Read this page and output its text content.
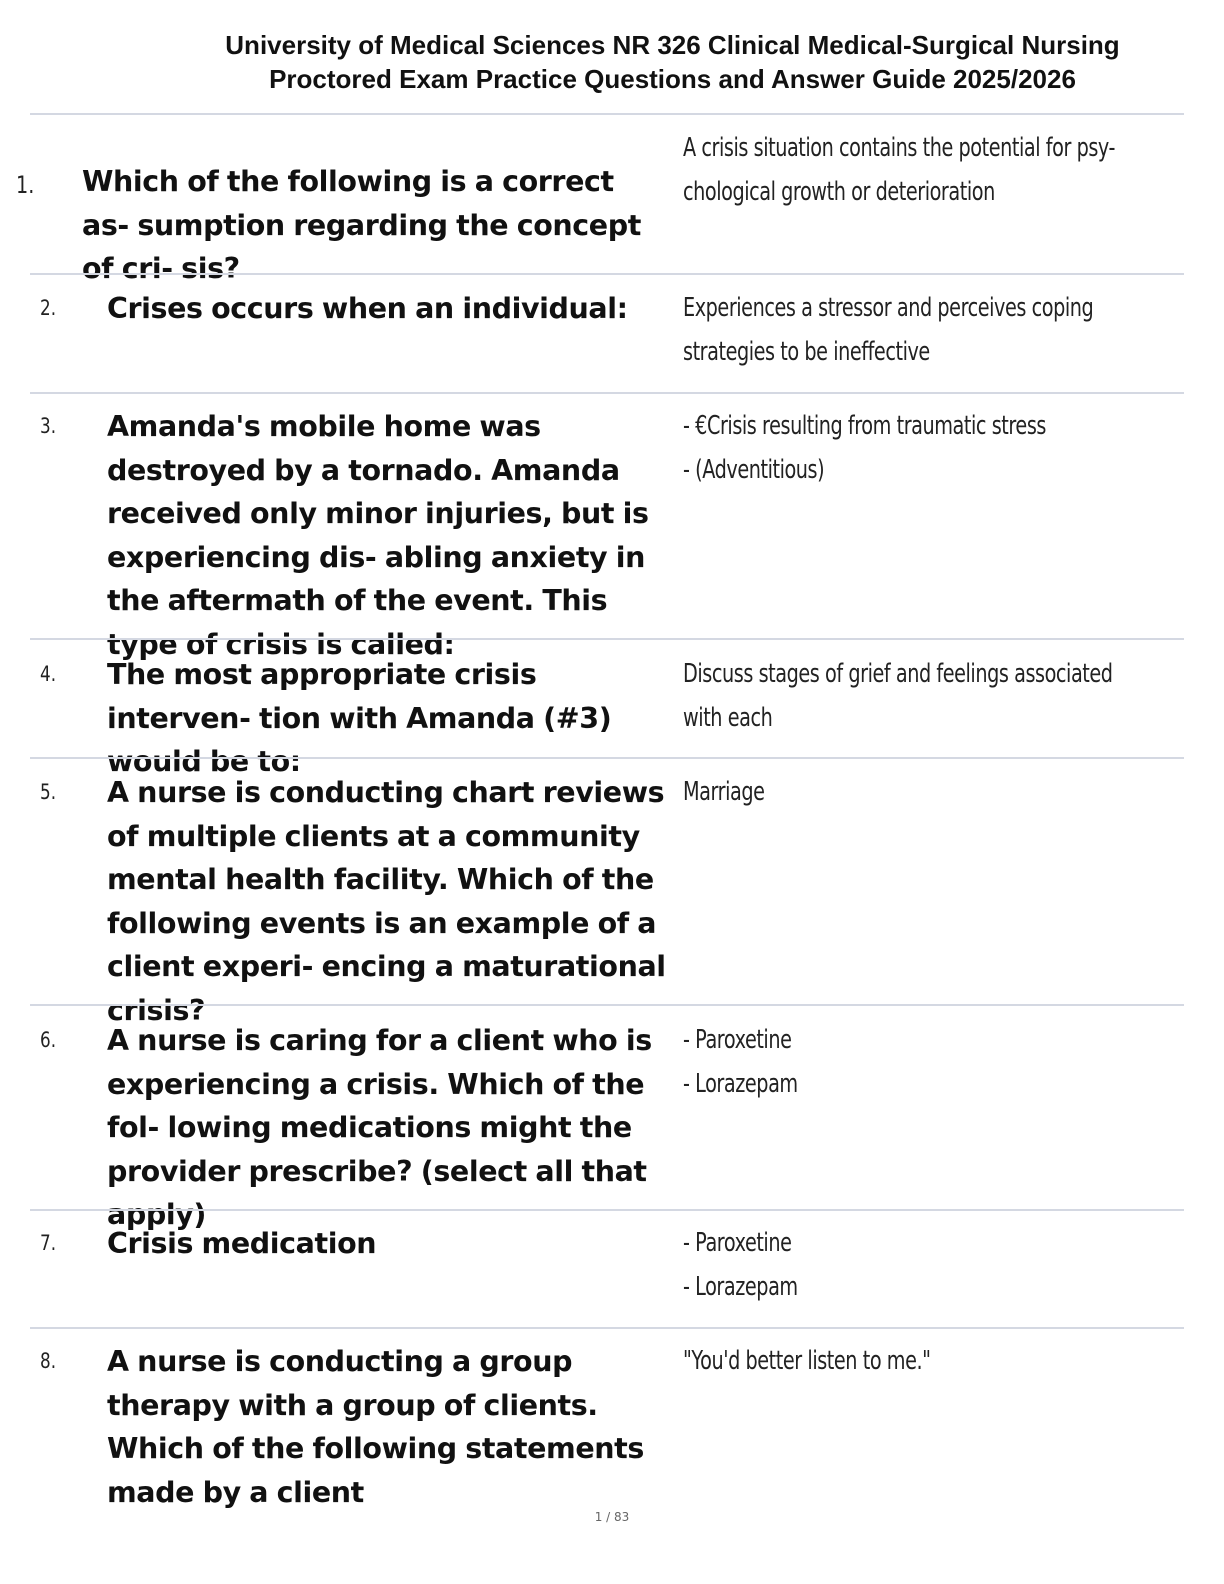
University of Medical Sciences NR 326 Clinical Medical-Surgical Nursing
Proctored Exam Practice Questions and Answer Guide 2025/2026
1. Which of the following is a correct as- sumption regarding the concept of cri- sis?
A crisis situation contains the potential for psy-
chological growth or deterioration
2. Crises occurs when an individual:	Experiences a stressor and perceives coping
strategies to be ineffective
3. Amanda's mobile home was destroyed by a tornado. Amanda received only minor injuries, but is experiencing dis- abling anxiety in the aftermath of the event. This type of crisis is called:
- €Crisis resulting from traumatic stress
- (Adventitious)
4. The most appropriate crisis interven- tion with Amanda (#3) would be to:
Discuss stages of grief and feelings associated
with each
5. A nurse is conducting chart reviews of multiple clients at a community mental health facility. Which of the following events is an example of a client experi- encing a maturational crisis?
Marriage
6. A nurse is caring for a client who is experiencing a crisis. Which of the fol- lowing medications might the provider prescribe? (select all that apply)
- Paroxetine
- Lorazepam
7. Crisis medication	- Paroxetine
- Lorazepam
8. A nurse is conducting a group therapy with a group of clients. Which of the following statements made by a client
"You'd better listen to me."
1 / 83
